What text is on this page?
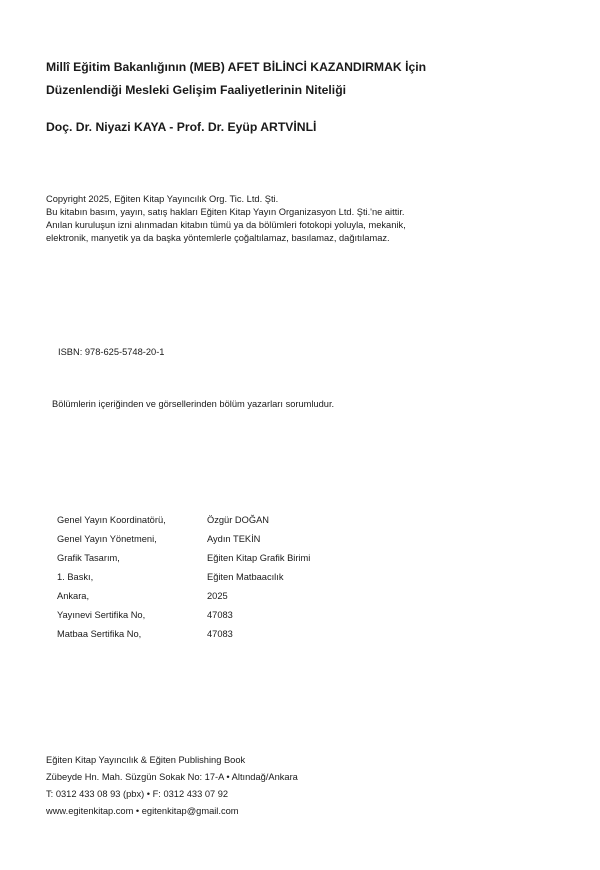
Millî Eğitim Bakanlığının (MEB) AFET BİLİNCİ KAZANDIRMAK İçin

Düzenlendiği Mesleki Gelişim Faaliyetlerinin Niteliği

Doç. Dr. Niyazi KAYA - Prof. Dr. Eyüp ARTVİNLİ

Copyright 2025, Eğiten Kitap Yayıncılık Org. Tic. Ltd. Şti.

Bu kitabın basım, yayın, satış hakları Eğiten Kitap Yayın Organizasyon Ltd. Şti.'ne aittir.

Anılan kuruluşun izni alınmadan kitabın tümü ya da bölümleri fotokopi yoluyla, mekanik,

elektronik, manyetik ya da başka yöntemlerle çoğaltılamaz, basılamaz, dağıtılamaz.

ISBN: 978-625-5748-20-1
Bölümlerin içeriğinden ve görsellerinden bölüm yazarları sorumludur.
Genel Yayın Koordinatörü,	Özgür DOĞAN
Genel Yayın Yönetmeni,	Aydın TEKİN
Grafik Tasarım,	Eğiten Kitap Grafik Birimi
1. Baskı,	Eğiten Matbaacılık
Ankara,	2025
Yayınevi Sertifika No,	47083
Matbaa Sertifika No,	47083

Eğiten Kitap Yayıncılık & Eğiten Publishing Book

Zübeyde Hn. Mah. Süzgün Sokak No: 17-A • Altındağ/Ankara

T: 0312 433 08 93 (pbx) • F: 0312 433 07 92

www.egitenkitap.com • egitenkitap@gmail.com
